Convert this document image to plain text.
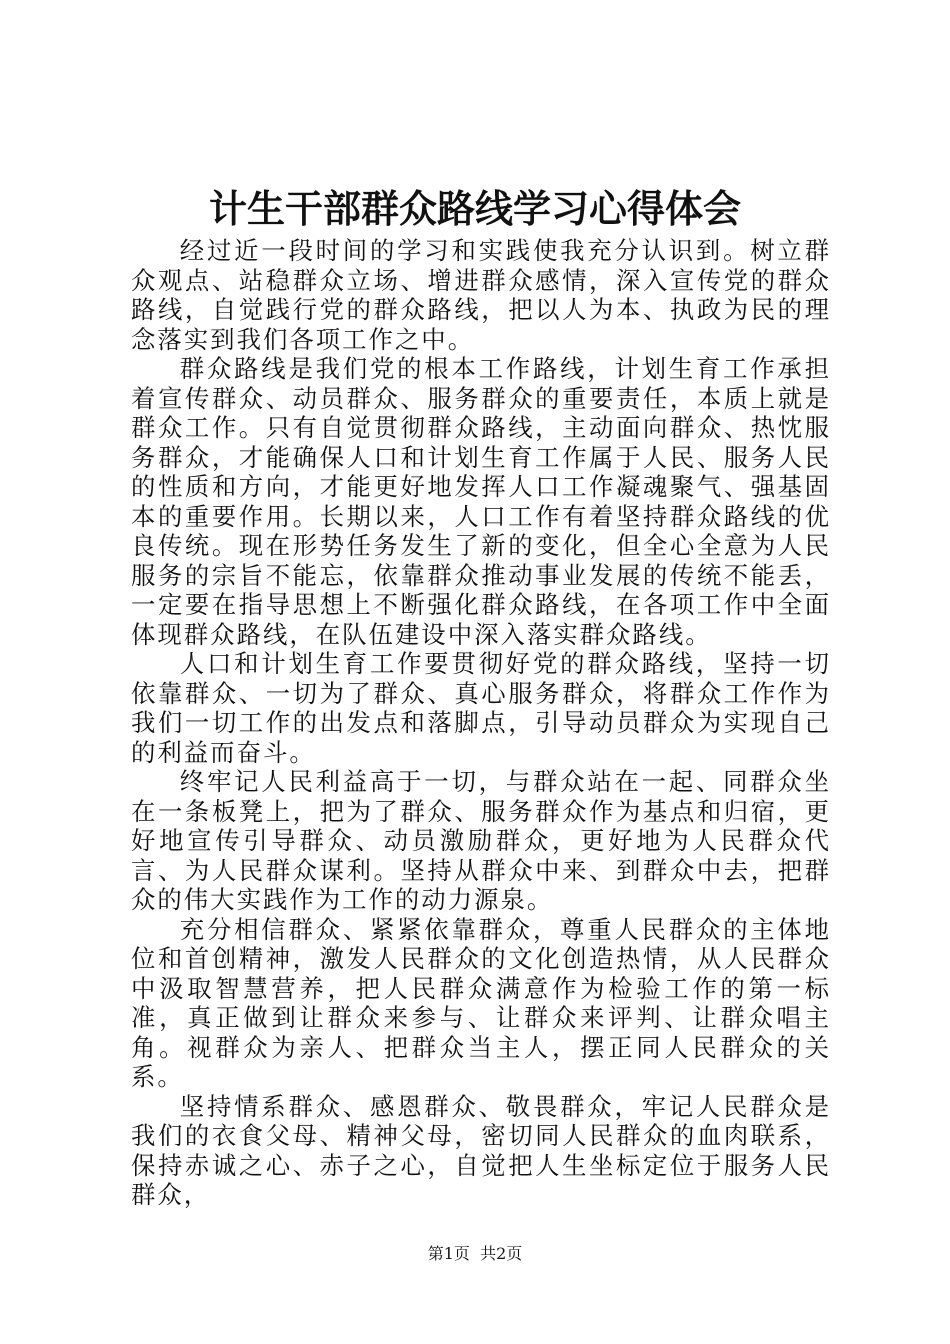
计生干部群众路线学习心得体会

经过近一段时间的学习和实践使我充分认识到。树立群众观点、站稳群众立场、增进群众感情，深入宣传党的群众路线，自觉践行党的群众路线，把以人为本、执政为民的理念落实到我们各项工作之中。

群众路线是我们党的根本工作路线，计划生育工作承担着宣传群众、动员群众、服务群众的重要责任，本质上就是群众工作。只有自觉贯彻群众路线，主动面向群众、热忱服务群众，才能确保人口和计划生育工作属于人民、服务人民的性质和方向，才能更好地发挥人口工作凝魂聚气、强基固本的重要作用。长期以来，人口工作有着坚持群众路线的优良传统。现在形势任务发生了新的变化，但全心全意为人民服务的宗旨不能忘，依靠群众推动事业发展的传统不能丢，一定要在指导思想上不断强化群众路线，在各项工作中全面体现群众路线，在队伍建设中深入落实群众路线。

人口和计划生育工作要贯彻好党的群众路线，坚持一切依靠群众、一切为了群众、真心服务群众，将群众工作作为我们一切工作的出发点和落脚点，引导动员群众为实现自己的利益而奋斗。

终牢记人民利益高于一切，与群众站在一起、同群众坐在一条板凳上，把为了群众、服务群众作为基点和归宿，更好地宣传引导群众、动员激励群众，更好地为人民群众代言、为人民群众谋利。坚持从群众中来、到群众中去，把群众的伟大实践作为工作的动力源泉。

充分相信群众、紧紧依靠群众，尊重人民群众的主体地位和首创精神，激发人民群众的文化创造热情，从人民群众中汲取智慧营养，把人民群众满意作为检验工作的第一标准，真正做到让群众来参与、让群众来评判、让群众唱主角。视群众为亲人、把群众当主人，摆正同人民群众的关系。

坚持情系群众、感恩群众、敬畏群众，牢记人民群众是我们的衣食父母、精神父母，密切同人民群众的血肉联系，保持赤诚之心、赤子之心，自觉把人生坐标定位于服务人民群众，

第1页  共2页
